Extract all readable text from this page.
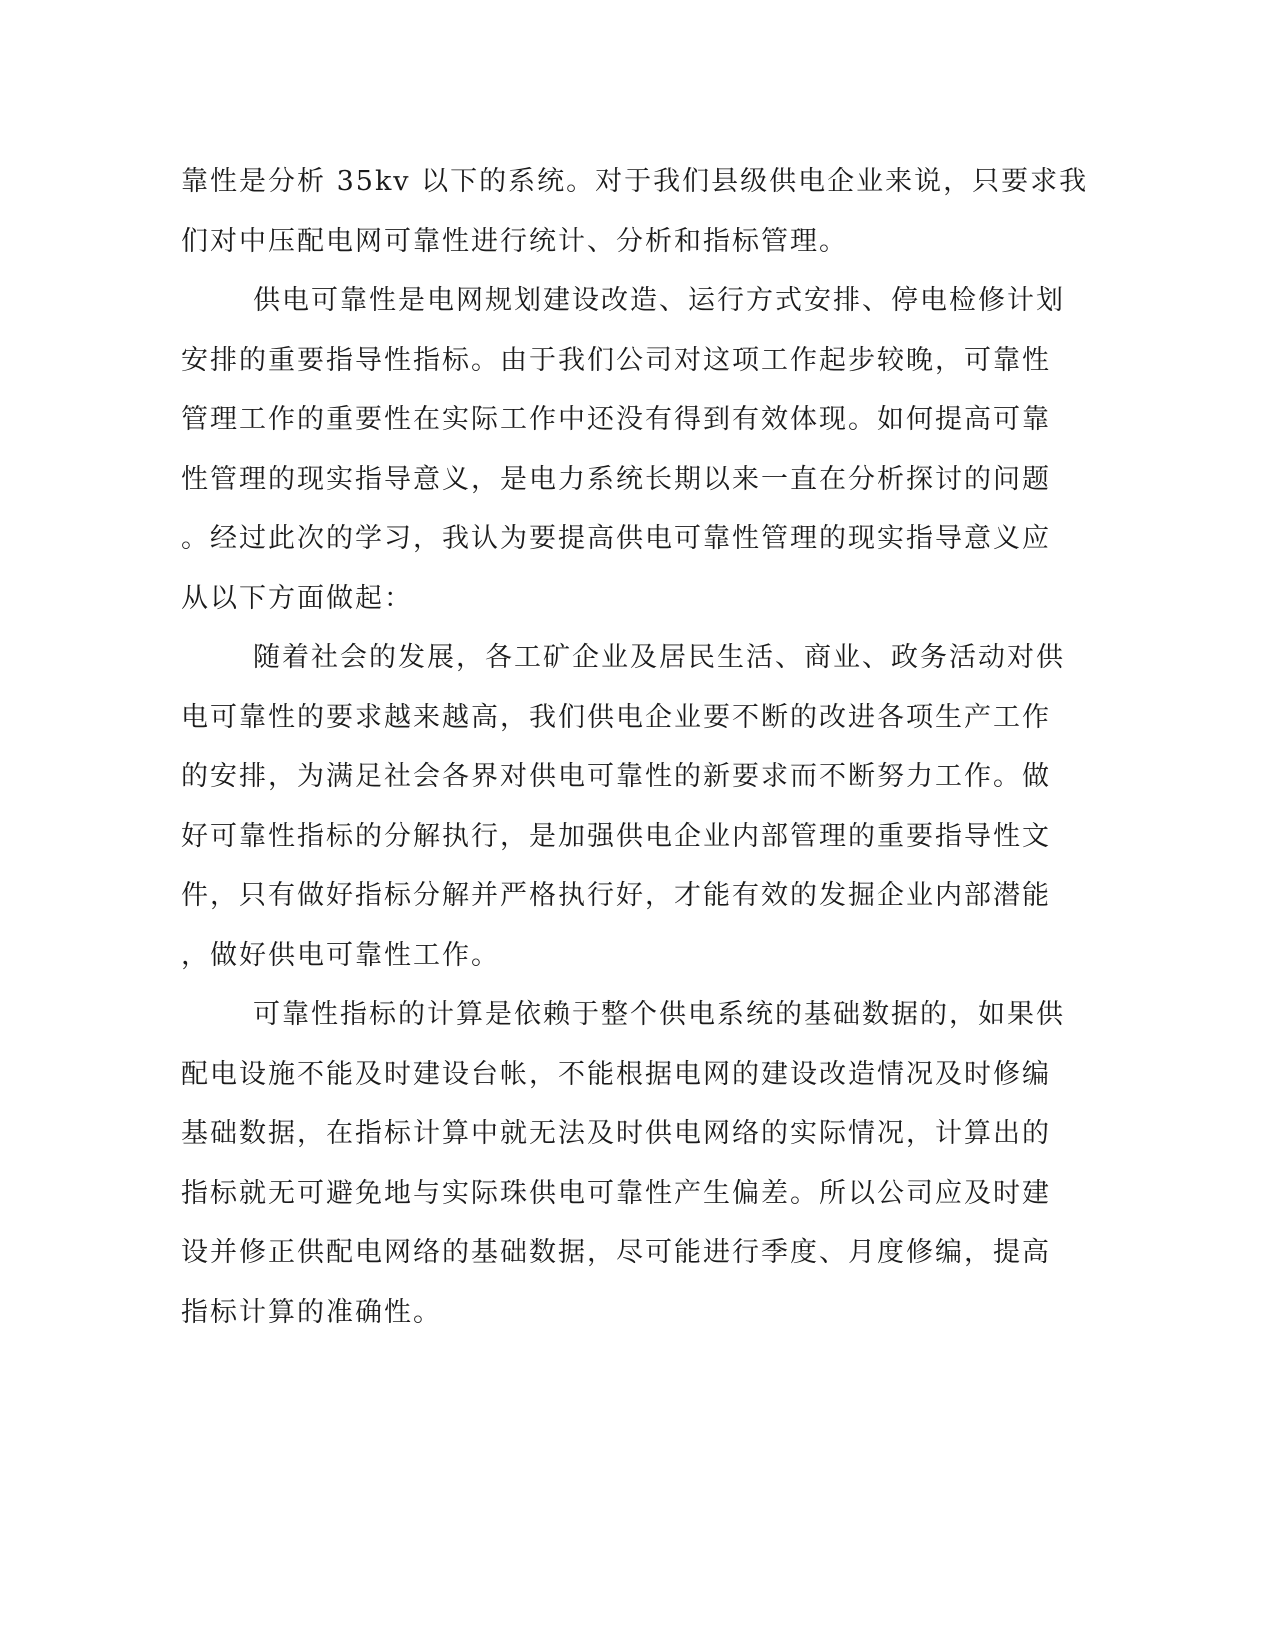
靠性是分析 35kv 以下的系统。对于我们县级供电企业来说，只要求我
们对中压配电网可靠性进行统计、分析和指标管理。
供电可靠性是电网规划建设改造、运行方式安排、停电检修计划
安排的重要指导性指标。由于我们公司对这项工作起步较晚，可靠性
管理工作的重要性在实际工作中还没有得到有效体现。如何提高可靠
性管理的现实指导意义，是电力系统长期以来一直在分析探讨的问题
。经过此次的学习，我认为要提高供电可靠性管理的现实指导意义应
从以下方面做起：
随着社会的发展，各工矿企业及居民生活、商业、政务活动对供
电可靠性的要求越来越高，我们供电企业要不断的改进各项生产工作
的安排，为满足社会各界对供电可靠性的新要求而不断努力工作。做
好可靠性指标的分解执行，是加强供电企业内部管理的重要指导性文
件，只有做好指标分解并严格执行好，才能有效的发掘企业内部潜能
，做好供电可靠性工作。
可靠性指标的计算是依赖于整个供电系统的基础数据的，如果供
配电设施不能及时建设台帐，不能根据电网的建设改造情况及时修编
基础数据，在指标计算中就无法及时供电网络的实际情况，计算出的
指标就无可避免地与实际珠供电可靠性产生偏差。所以公司应及时建
设并修正供配电网络的基础数据，尽可能进行季度、月度修编，提高
指标计算的准确性。
